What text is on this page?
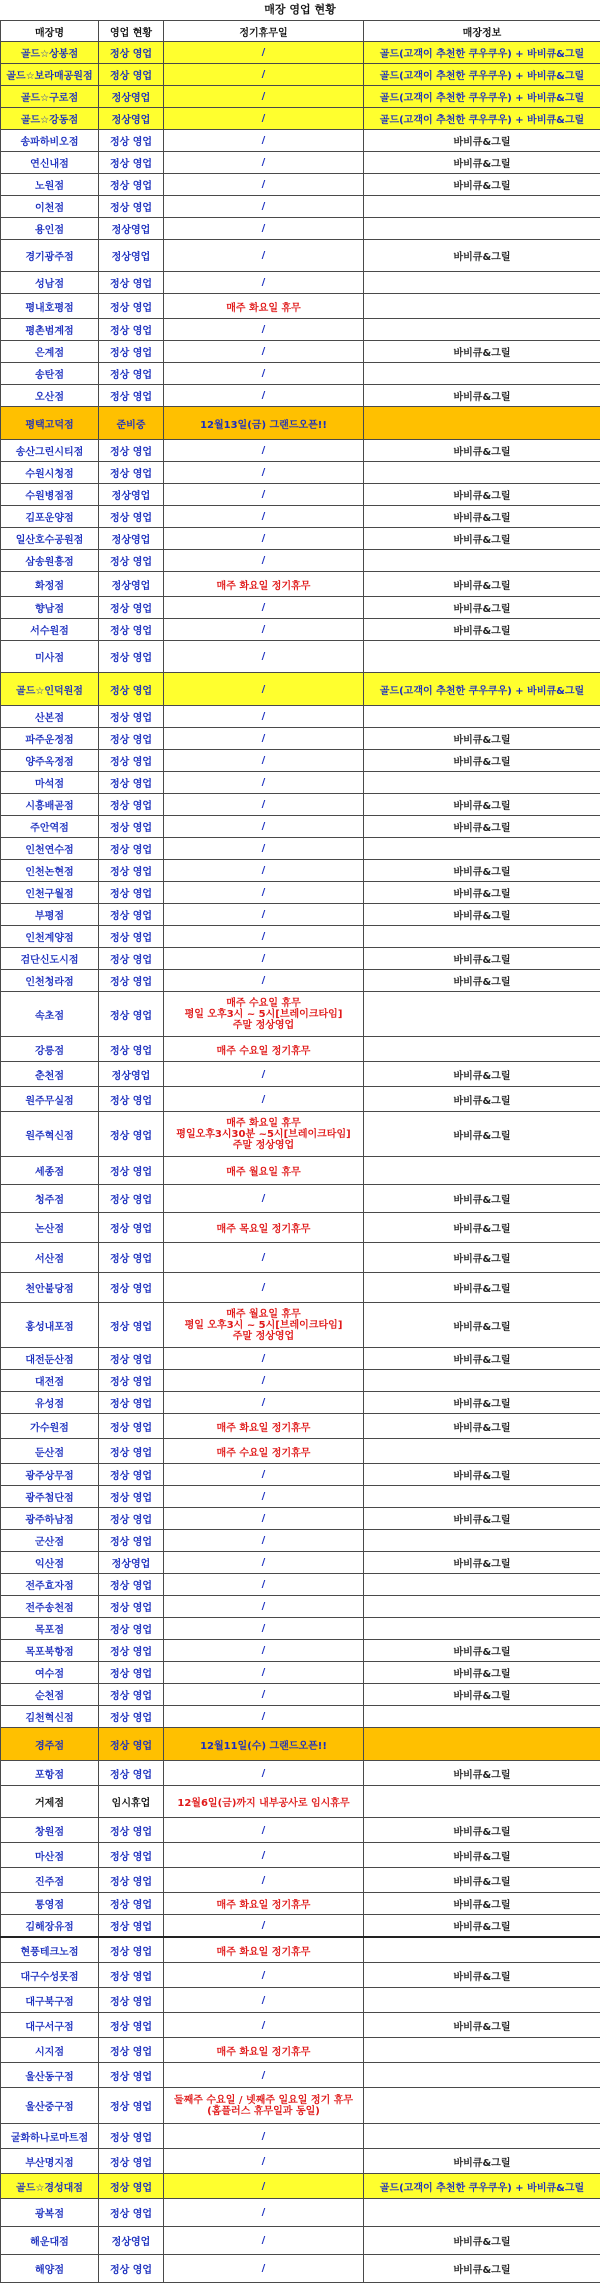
매장 영업 현황
매장명	영업 현황	정기휴무일	매장정보
골드☆상봉점	정상 영업	/	골드(고객이 추천한 쿠우쿠우) + 바비큐&그릴
골드☆보라매공원점	정상 영업	/	골드(고객이 추천한 쿠우쿠우) + 바비큐&그릴
골드☆구로점	정상영업	/	골드(고객이 추천한 쿠우쿠우) + 바비큐&그릴
골드☆강동점	정상영업	/	골드(고객이 추천한 쿠우쿠우) + 바비큐&그릴
송파하비오점	정상 영업	/	바비큐&그릴
연신내점	정상 영업	/	바비큐&그릴
노원점	정상 영업	/	바비큐&그릴
이천점	정상 영업	/	
용인점	정상영업	/	
경기광주점	정상영업	/	바비큐&그릴
성남점	정상 영업	/	
평내호평점	정상 영업	매주 화요일 휴무	
평촌범계점	정상 영업	/	
은계점	정상 영업	/	바비큐&그릴
송탄점	정상 영업	/	
오산점	정상 영업	/	바비큐&그릴
평택고덕점	준비중	12월13일(금) 그랜드오픈!!	
송산그린시티점	정상 영업	/	바비큐&그릴
수원시청점	정상 영업	/	
수원병점점	정상영업	/	바비큐&그릴
김포운양점	정상 영업	/	바비큐&그릴
일산호수공원점	정상영업	/	바비큐&그릴
삼송원흥점	정상 영업	/	
화정점	정상영업	매주 화요일 정기휴무	바비큐&그릴
향남점	정상 영업	/	바비큐&그릴
서수원점	정상 영업	/	바비큐&그릴
미사점	정상 영업	/	
골드☆인덕원점	정상 영업	/	골드(고객이 추천한 쿠우쿠우) + 바비큐&그릴
산본점	정상 영업	/	
파주운정점	정상 영업	/	바비큐&그릴
양주옥정점	정상 영업	/	바비큐&그릴
마석점	정상 영업	/	
시흥배곧점	정상 영업	/	바비큐&그릴
주안역점	정상 영업	/	바비큐&그릴
인천연수점	정상 영업	/	
인천논현점	정상 영업	/	바비큐&그릴
인천구월점	정상 영업	/	바비큐&그릴
부평점	정상 영업	/	바비큐&그릴
인천계양점	정상 영업	/	
검단신도시점	정상 영업	/	바비큐&그릴
인천청라점	정상 영업	/	바비큐&그릴
속초점	정상 영업	매주 수요일 휴무
평일 오후3시 ~ 5시[브레이크타임]
주말 정상영업	
강릉점	정상 영업	매주 수요일 정기휴무	
춘천점	정상영업	/	바비큐&그릴
원주무실점	정상 영업	/	바비큐&그릴
원주혁신점	정상 영업	매주 화요일 휴무
평일오후3시30분 ~5시[브레이크타임]
주말 정상영업	바비큐&그릴
세종점	정상 영업	매주 월요일 휴무	
청주점	정상 영업	/	바비큐&그릴
논산점	정상 영업	매주 목요일 정기휴무	바비큐&그릴
서산점	정상 영업	/	바비큐&그릴
천안불당점	정상 영업	/	바비큐&그릴
홍성내포점	정상 영업	매주 월요일 휴무
평일 오후3시 ~ 5시[브레이크타임]
주말 정상영업	바비큐&그릴
대전둔산점	정상 영업	/	바비큐&그릴
대전점	정상 영업	/	
유성점	정상 영업	/	바비큐&그릴
가수원점	정상 영업	매주 화요일 정기휴무	바비큐&그릴
둔산점	정상 영업	매주 수요일 정기휴무	
광주상무점	정상 영업	/	바비큐&그릴
광주첨단점	정상 영업	/	
광주하남점	정상 영업	/	바비큐&그릴
군산점	정상 영업	/	
익산점	정상영업	/	바비큐&그릴
전주효자점	정상 영업	/	
전주송천점	정상 영업	/	
목포점	정상 영업	/	
목포북항점	정상 영업	/	바비큐&그릴
여수점	정상 영업	/	바비큐&그릴
순천점	정상 영업	/	바비큐&그릴
김천혁신점	정상 영업	/	
경주점	정상 영업	12월11일(수) 그랜드오픈!!	
포항점	정상 영업	/	바비큐&그릴
거제점	임시휴업	12월6일(금)까지 내부공사로 임시휴무	
창원점	정상 영업	/	바비큐&그릴
마산점	정상 영업	/	바비큐&그릴
진주점	정상 영업	/	바비큐&그릴
통영점	정상 영업	매주 화요일 정기휴무	바비큐&그릴
김해장유점	정상 영업	/	바비큐&그릴
현풍테크노점	정상 영업	매주 화요일 정기휴무	
대구수성못점	정상 영업	/	바비큐&그릴
대구북구점	정상 영업	/	
대구서구점	정상 영업	/	바비큐&그릴
시지점	정상 영업	매주 화요일 정기휴무	
울산동구점	정상 영업	/	
울산중구점	정상 영업	둘째주 수요일 / 넷째주 일요일 정기 휴무
(홈플러스 휴무일과 동일)	
굴화하나로마트점	정상 영업	/	
부산명지점	정상 영업	/	바비큐&그릴
골드☆경성대점	정상 영업	/	골드(고객이 추천한 쿠우쿠우) + 바비큐&그릴
광복점	정상 영업	/	
해운대점	정상영업	/	바비큐&그릴
해양점	정상 영업	/	바비큐&그릴
